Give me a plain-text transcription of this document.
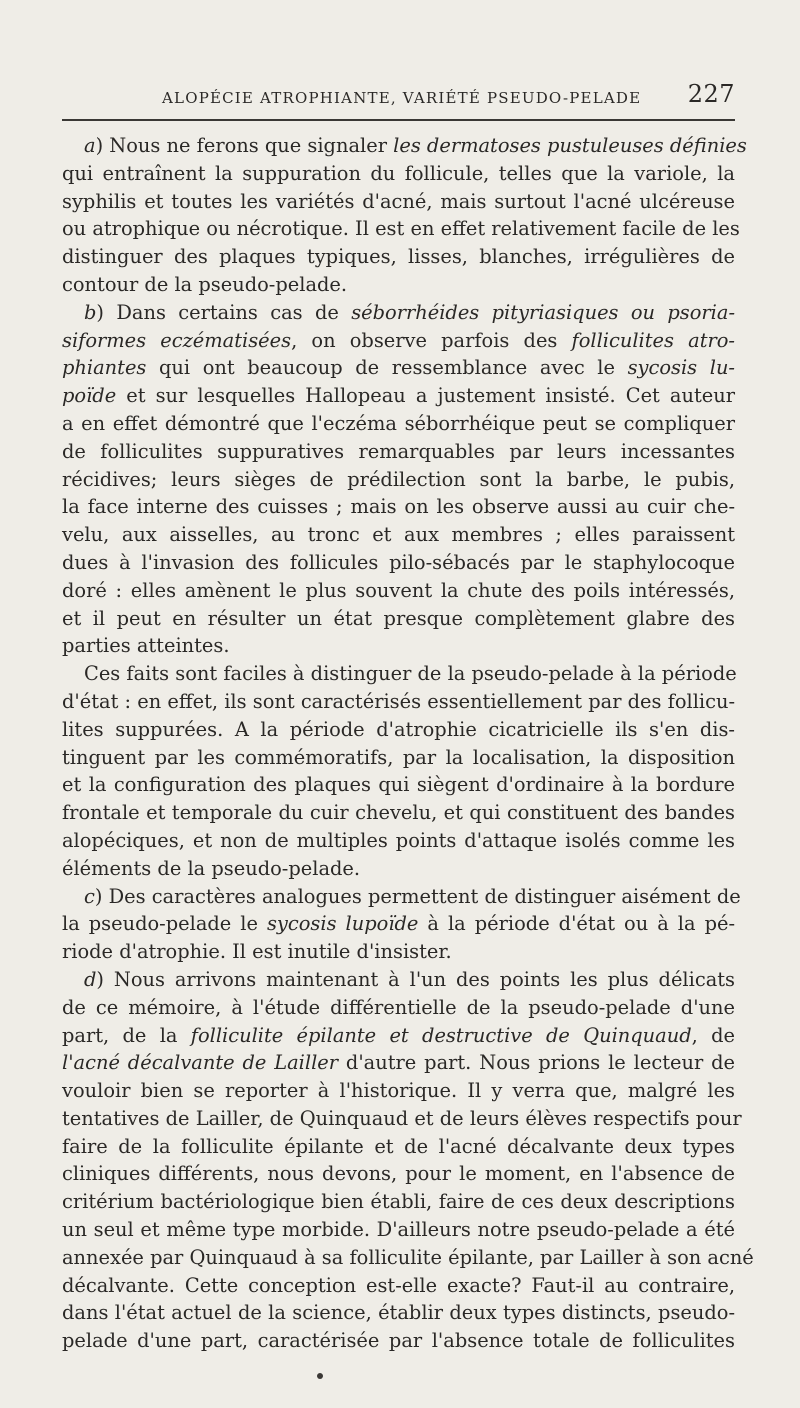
ALOPÉCIE ATROPHIANTE, VARIÉTÉ PSEUDO-PELADE 227
a) Nous ne ferons que signaler les dermatoses pustuleuses définies
qui entraînent la suppuration du follicule, telles que la variole, la
syphilis et toutes les variétés d'acné, mais surtout l'acné ulcéreuse
ou atrophique ou nécrotique. Il est en effet relativement facile de les
distinguer des plaques typiques, lisses, blanches, irrégulières de
contour de la pseudo-pelade.
b) Dans certains cas de séborrhéides pityriasiques ou psoria-
siformes eczématisées, on observe parfois des folliculites atro-
phiantes qui ont beaucoup de ressemblance avec le sycosis lu-
poïde et sur lesquelles Hallopeau a justement insisté. Cet auteur
a en effet démontré que l'eczéma séborrhéique peut se compliquer
de folliculites suppuratives remarquables par leurs incessantes
récidives; leurs sièges de prédilection sont la barbe, le pubis,
la face interne des cuisses ; mais on les observe aussi au cuir che-
velu, aux aisselles, au tronc et aux membres ; elles paraissent
dues à l'invasion des follicules pilo-sébacés par le staphylocoque
doré : elles amènent le plus souvent la chute des poils intéressés,
et il peut en résulter un état presque complètement glabre des
parties atteintes.
Ces faits sont faciles à distinguer de la pseudo-pelade à la période
d'état : en effet, ils sont caractérisés essentiellement par des follicu-
lites suppurées. A la période d'atrophie cicatricielle ils s'en dis-
tinguent par les commémoratifs, par la localisation, la disposition
et la configuration des plaques qui siègent d'ordinaire à la bordure
frontale et temporale du cuir chevelu, et qui constituent des bandes
alopéciques, et non de multiples points d'attaque isolés comme les
éléments de la pseudo-pelade.
c) Des caractères analogues permettent de distinguer aisément de
la pseudo-pelade le sycosis lupoïde à la période d'état ou à la pé-
riode d'atrophie. Il est inutile d'insister.
d) Nous arrivons maintenant à l'un des points les plus délicats
de ce mémoire, à l'étude différentielle de la pseudo-pelade d'une
part, de la folliculite épilante et destructive de Quinquaud, de
l'acné décalvante de Lailler d'autre part. Nous prions le lecteur de
vouloir bien se reporter à l'historique. Il y verra que, malgré les
tentatives de Lailler, de Quinquaud et de leurs élèves respectifs pour
faire de la folliculite épilante et de l'acné décalvante deux types
cliniques différents, nous devons, pour le moment, en l'absence de
critérium bactériologique bien établi, faire de ces deux descriptions
un seul et même type morbide. D'ailleurs notre pseudo-pelade a été
annexée par Quinquaud à sa folliculite épilante, par Lailler à son acné
décalvante. Cette conception est-elle exacte? Faut-il au contraire,
dans l'état actuel de la science, établir deux types distincts, pseudo-
pelade d'une part, caractérisée par l'absence totale de folliculites
